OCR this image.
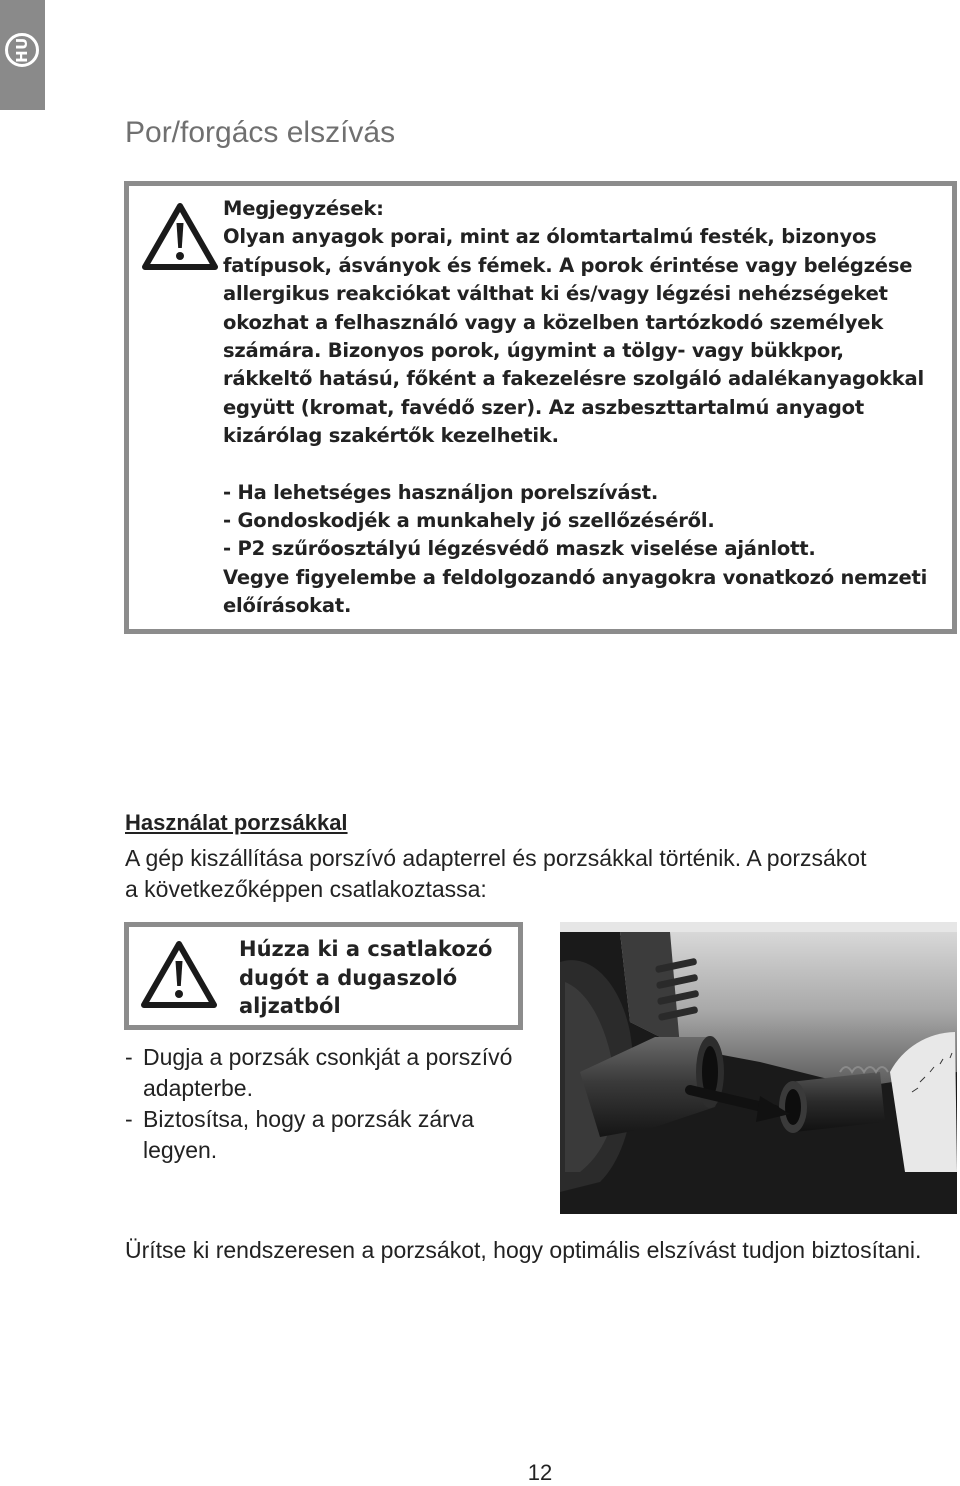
HU
Por/forgács elszívás

Megjegyzések:

Olyan anyagok porai, mint az ólomtartalmú festék, bizonyos fatípusok, ásványok és fémek. A porok érintése vagy belégzése allergikus reakciókat válthat ki és/vagy légzési nehézségeket okozhat a felhasználó vagy a közelben tartózkodó személyek számára. Bizonyos porok, úgymint a tölgy- vagy bükkpor, rákkeltő hatású, főként a fakezelésre szolgáló adalékanyagokkal együtt (kromat, favédő szer). Az aszbeszttartalmú anyagot kizárólag szakértők kezelhetik.

- Ha lehetséges használjon porelszívást.

- Gondoskodjék a munkahely jó szellőzéséről.

- P2 szűrőosztályú légzésvédő maszk viselése ajánlott.

Vegye figyelembe a feldolgozandó anyagokra vonatkozó nemzeti előírásokat.

Használat porzsákkal
A gép kiszállítása porszívó adapterrel és porzsákkal történik. A porzsákot a következőképpen csatlakoztassa:
Húzza ki a csatlakozó dugót a dugaszoló aljzatból
- Dugja a porzsák csonkját a porszívó adapterbe.
- Biztosítsa, hogy a porzsák zárva legyen.
Ürítse ki rendszeresen a porzsákot, hogy optimális elszívást tudjon biztosítani.
12
